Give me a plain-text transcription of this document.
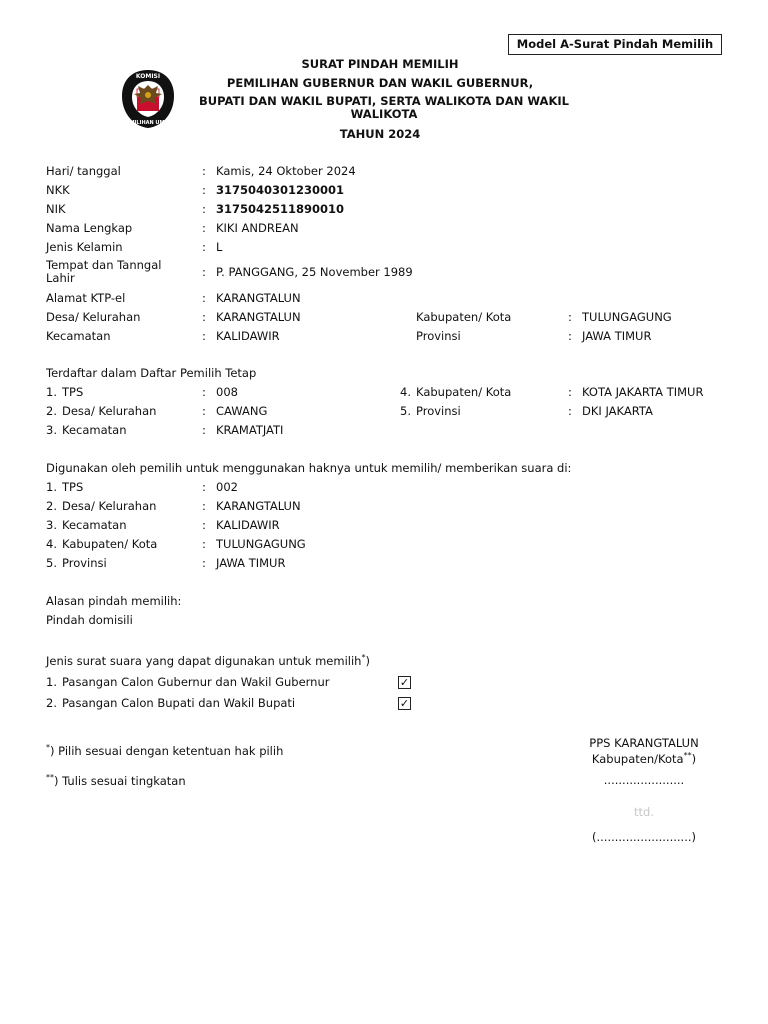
Model A-Surat Pindah Memilih
KOMISI
PEMILIHAN UMUM
SURAT PINDAH MEMILIH
PEMILIHAN GUBERNUR DAN WAKIL GUBERNUR,
BUPATI DAN WAKIL BUPATI, SERTA WALIKOTA DAN WAKIL WALIKOTA
TAHUN 2024
Hari/ tanggal	: Kamis, 24 Oktober 2024
NKK	: 3175040301230001
NIK	: 3175042511890010
Nama Lengkap	: KIKI ANDREAN
Jenis Kelamin	: L
Tempat dan Tanngal Lahir	: P. PANGGANG, 25 November 1989
Alamat KTP-el	: KARANGTALUN
Desa/ Kelurahan	: KARANGTALUN	Kabupaten/ Kota	: TULUNGAGUNG
Kecamatan	: KALIDAWIR	Provinsi	: JAWA TIMUR
Terdaftar dalam Daftar Pemilih Tetap
1. TPS	: 008	4. Kabupaten/ Kota	: KOTA JAKARTA TIMUR
2. Desa/ Kelurahan	: CAWANG	5. Provinsi	: DKI JAKARTA
3. Kecamatan	: KRAMATJATI
Digunakan oleh pemilih untuk menggunakan haknya untuk memilih/ memberikan suara di:
1. TPS	: 002
2. Desa/ Kelurahan	: KARANGTALUN
3. Kecamatan	: KALIDAWIR
4. Kabupaten/ Kota	: TULUNGAGUNG
5. Provinsi	: JAWA TIMUR
Alasan pindah memilih:
Pindah domisili
Jenis surat suara yang dapat digunakan untuk memilih*)
1. Pasangan Calon Gubernur dan Wakil Gubernur	✓
2. Pasangan Calon Bupati dan Wakil Bupati	✓
*) Pilih sesuai dengan ketentuan hak pilih
**) Tulis sesuai tingkatan
PPS KARANGTALUN
Kabupaten/Kota**)
......................
ttd.
(..........................)
